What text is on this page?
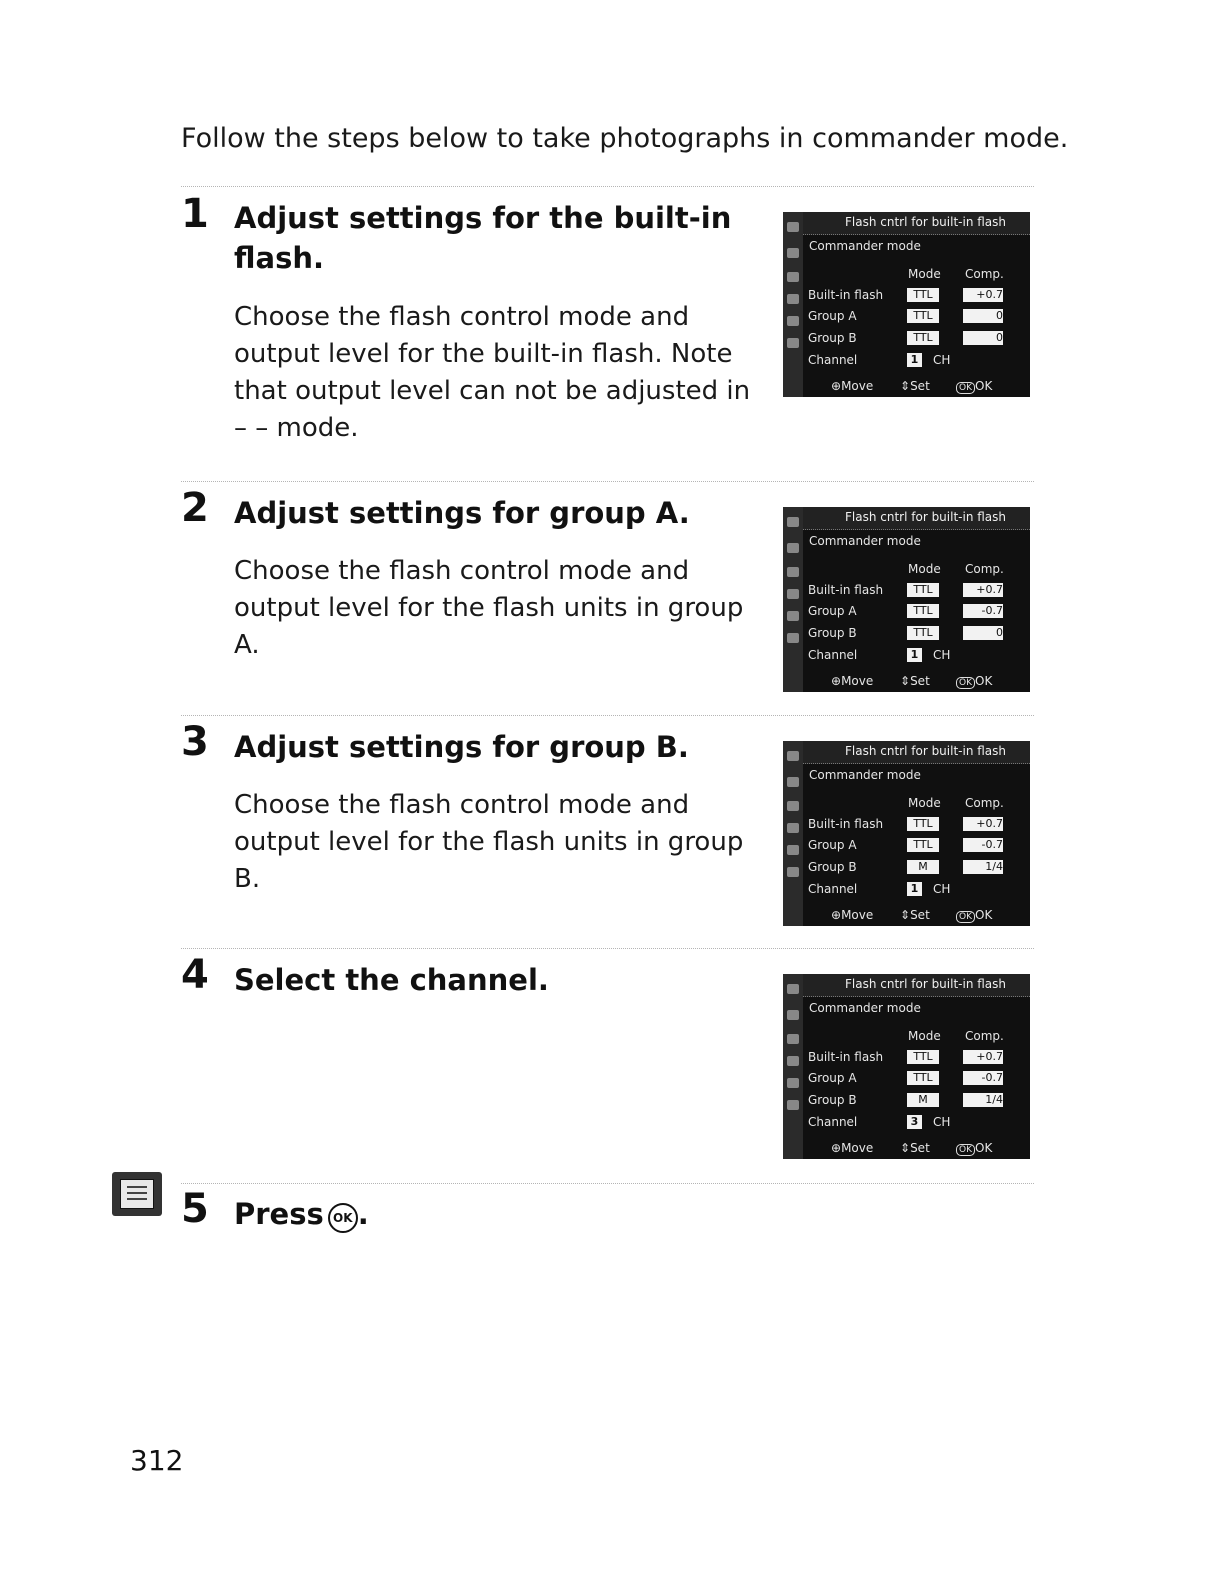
Follow the steps below to take photographs in commander mode.
1 Adjust settings for the built-in flash.
Choose the flash control mode and output level for the built-in flash. Note that output level can not be adjusted in – – mode.
2 Adjust settings for group A.
Choose the flash control mode and output level for the flash units in group A.
3 Adjust settings for group B.
Choose the flash control mode and output level for the flash units in group B.
4 Select the channel.
5 Press OK .
312
Flash cntrl for built-in flash
Commander mode
Mode Comp.
Built-in flash	TTL	+0.7
Group A	TTL	0
Group B	TTL	0
Channel	1	CH
⊕Move ⇕Set	OK OK
Flash cntrl for built-in flash
Commander mode
Mode Comp.
Built-in flash	TTL	+0.7
Group A	TTL	-0.7
Group B	TTL	0
Channel	1	CH
⊕Move ⇕Set	OK OK
Flash cntrl for built-in flash
Commander mode
Mode Comp.
Built-in flash	TTL	+0.7
Group A	TTL	-0.7
Group B	M	1/4
Channel	1	CH
⊕Move ⇕Set	OK OK
Flash cntrl for built-in flash
Commander mode
Mode Comp.
Built-in flash	TTL	+0.7
Group A	TTL	-0.7
Group B	M	1/4
Channel	3	CH
⊕Move ⇕Set	OK OK
